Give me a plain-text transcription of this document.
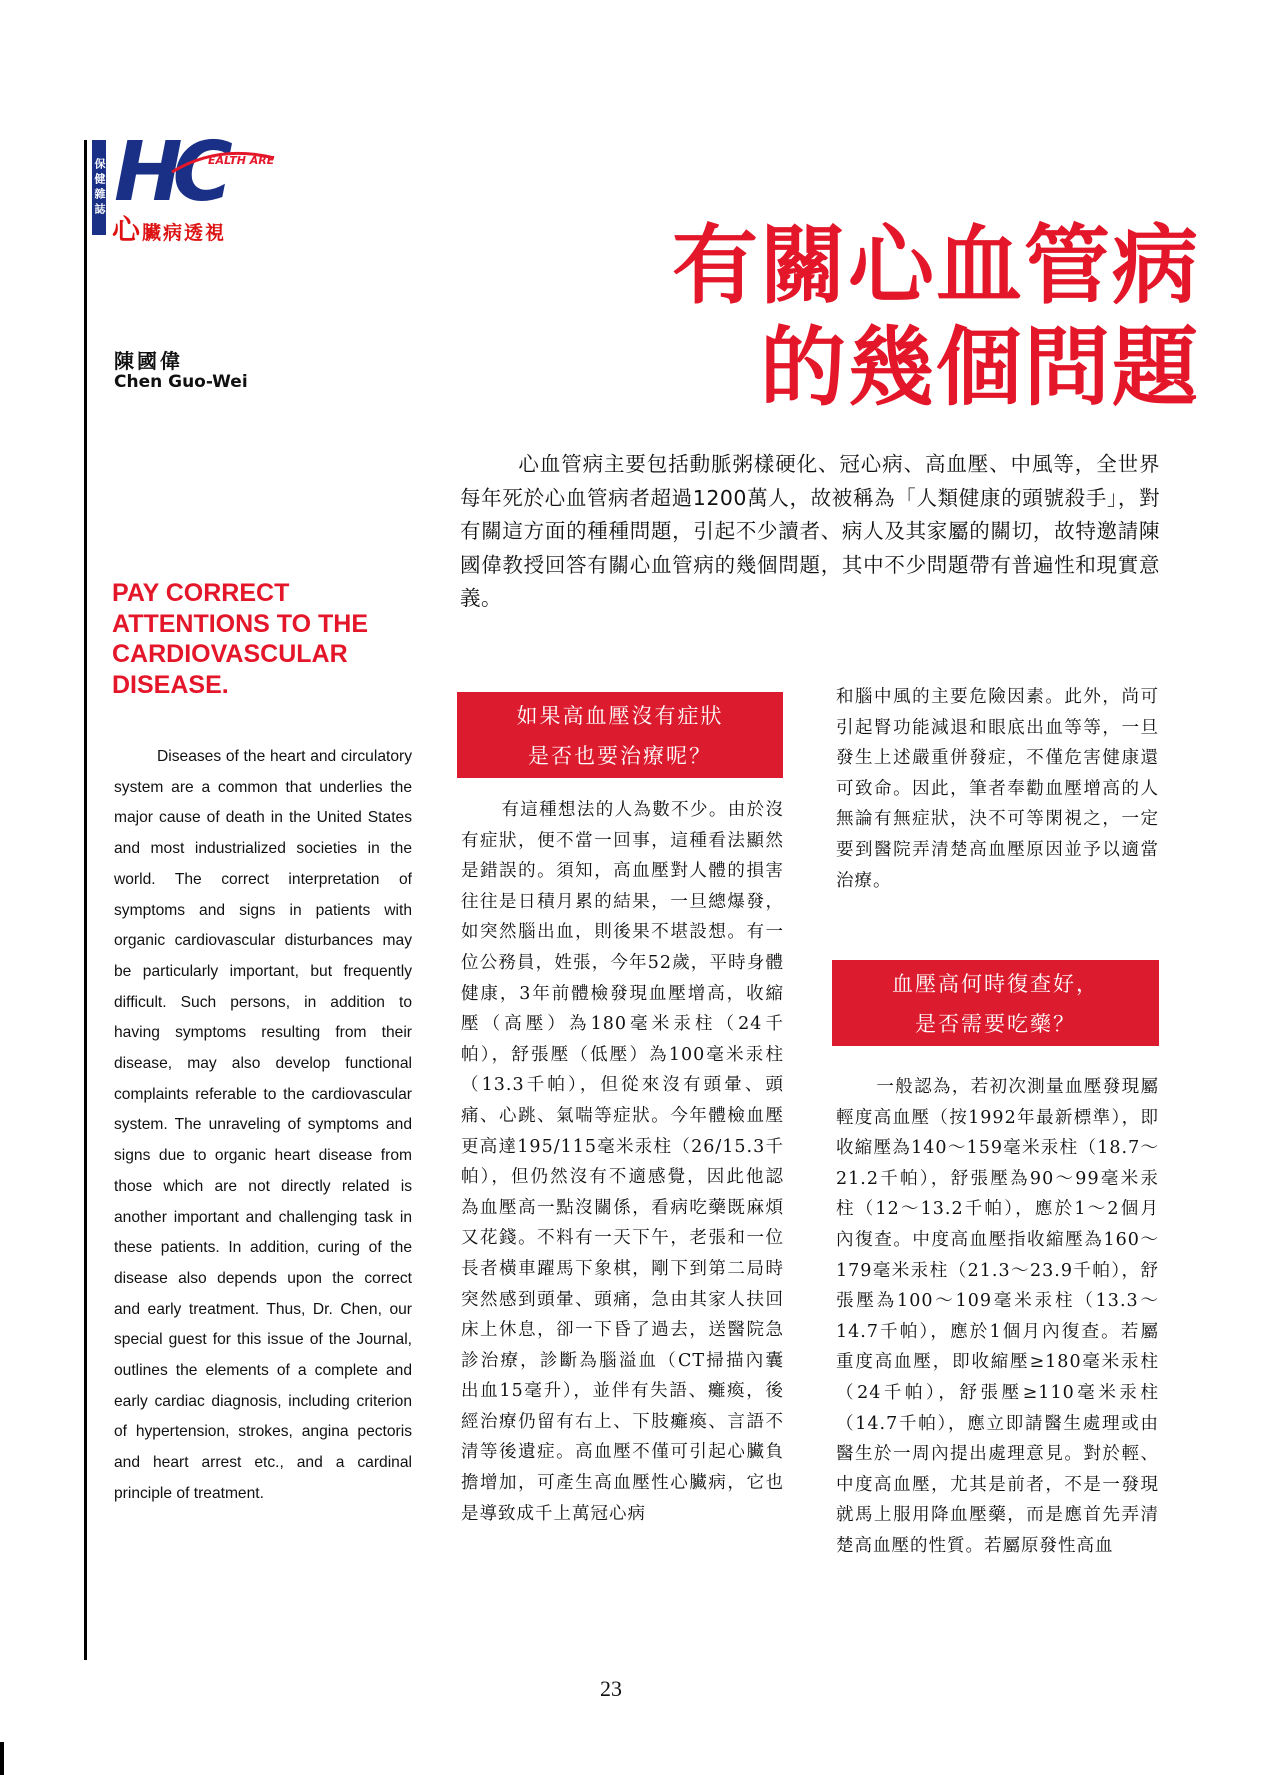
保健雜誌 HC
EALTH ARE
心臟病透視	有關心血管病
的幾個問題
陳國偉
Chen Guo-Wei
心血管病主要包括動脈粥樣硬化、冠心病、高血壓、中風等，全世界每年死於心血管病者超過1200萬人，故被稱為「人類健康的頭號殺手」，對有關這方面的種種問題，引起不少讀者、病人及其家屬的關切，故特邀請陳國偉教授回答有關心血管病的幾個問題，其中不少問題帶有普遍性和現實意義。
PAY CORRECT ATTENTIONS TO THE CARDIOVASCULAR DISEASE.
Diseases of the heart and circulatory system are a common that underlies the major cause of death in the United States and most industrialized societies in the world. The correct interpretation of symptoms and signs in patients with organic cardiovascular disturbances may be particularly important, but frequently difficult. Such persons, in addition to having symptoms resulting from their disease, may also develop functional complaints referable to the cardiovascular system. The unraveling of symptoms and signs due to organic heart disease from those which are not directly related is another important and challenging task in these patients. In addition, curing of the disease also depends upon the correct and early treatment. Thus, Dr. Chen, our special guest for this issue of the Journal, outlines the elements of a complete and early cardiac diagnosis, including criterion of hypertension, strokes, angina pectoris and heart arrest etc., and a cardinal principle of treatment.
如果高血壓沒有症狀
是否也要治療呢？

有這種想法的人為數不少。由於沒有症狀，便不當一回事，這種看法顯然是錯誤的。須知，高血壓對人體的損害往往是日積月累的結果，一旦總爆發，如突然腦出血，則後果不堪設想。有一位公務員，姓張，今年52歲，平時身體健康，3年前體檢發現血壓增高，收縮壓（高壓）為180毫米汞柱（24千帕），舒張壓（低壓）為100毫米汞柱（13.3千帕），但從來沒有頭暈、頭痛、心跳、氣喘等症狀。今年體檢血壓更高達195/115毫米汞柱（26/15.3千帕），但仍然沒有不適感覺，因此他認為血壓高一點沒關係，看病吃藥既麻煩又花錢。不料有一天下午，老張和一位長者橫車躍馬下象棋，剛下到第二局時突然感到頭暈、頭痛，急由其家人扶回床上休息，卻一下昏了過去，送醫院急診治療，診斷為腦溢血（CT掃描內囊出血15毫升），並伴有失語、癱瘓，後經治療仍留有右上、下肢癱瘓、言語不清等後遺症。高血壓不僅可引起心臟負擔增加，可產生高血壓性心臟病，它也是導致成千上萬冠心病

和腦中風的主要危險因素。此外，尚可引起腎功能減退和眼底出血等等，一旦發生上述嚴重併發症，不僅危害健康還可致命。因此，筆者奉勸血壓增高的人無論有無症狀，決不可等閑視之，一定要到醫院弄清楚高血壓原因並予以適當治療。

血壓高何時復查好，
是否需要吃藥？

一般認為，若初次測量血壓發現屬輕度高血壓（按1992年最新標準），即收縮壓為140～159毫米汞柱（18.7～21.2千帕），舒張壓為90～99毫米汞柱（12～13.2千帕），應於1～2個月內復查。中度高血壓指收縮壓為160～179毫米汞柱（21.3～23.9千帕），舒張壓為100～109毫米汞柱（13.3～14.7千帕），應於1個月內復查。若屬重度高血壓，即收縮壓≥180毫米汞柱（24千帕），舒張壓≥110毫米汞柱（14.7千帕），應立即請醫生處理或由醫生於一周內提出處理意見。對於輕、中度高血壓，尤其是前者，不是一發現就馬上服用降血壓藥，而是應首先弄清楚高血壓的性質。若屬原發性高血

23
